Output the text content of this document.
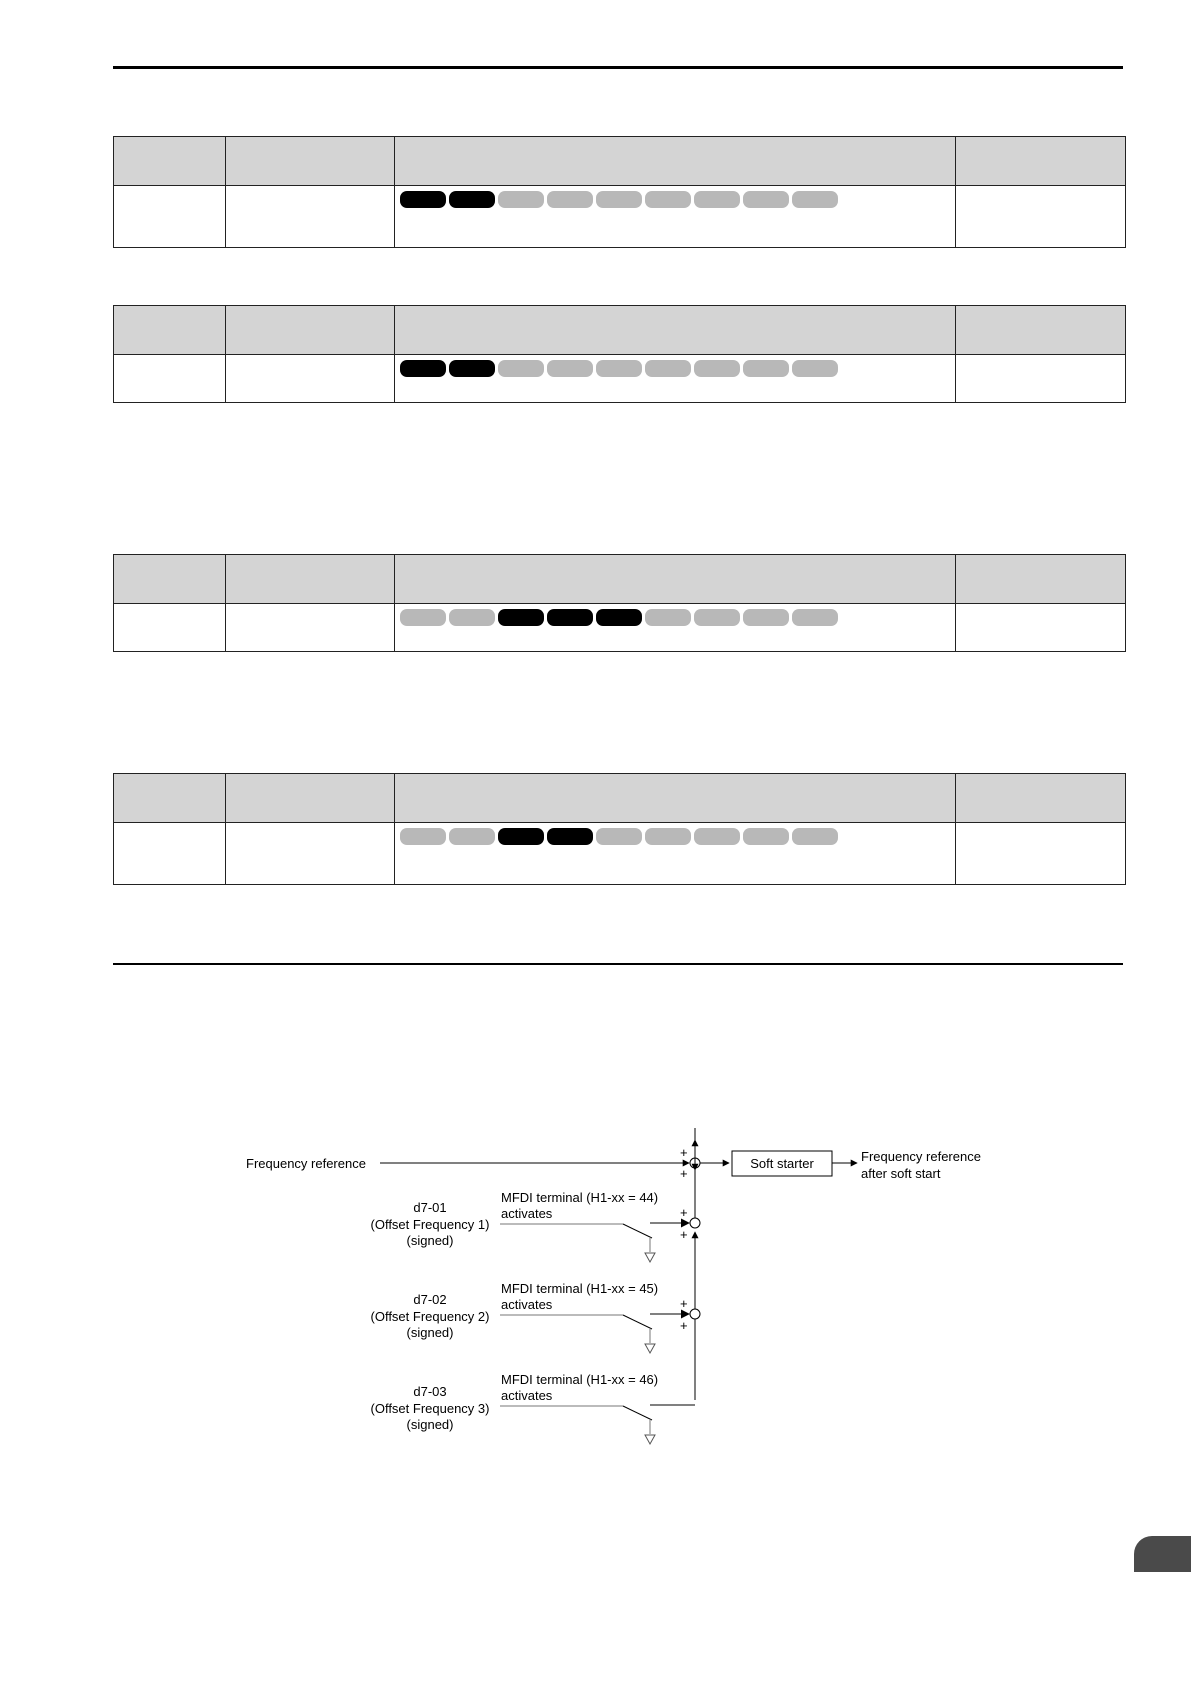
Frequency reference
+
+
Soft starter	Frequency reference
after soft start
+
+
+
+
d7-01
(Offset Frequency 1)
(signed)
MFDI terminal (H1-xx = 44)
activates
d7-02
(Offset Frequency 2)
(signed)
MFDI terminal (H1-xx = 45)
activates
d7-03
(Offset Frequency 3)
(signed)
MFDI terminal (H1-xx = 46)
activates
